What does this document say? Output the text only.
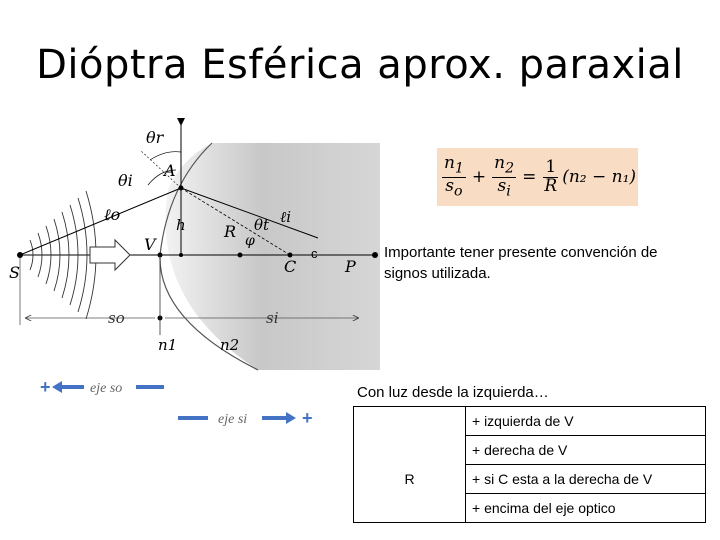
Dióptra Esférica aprox. paraxial
θr
θi
A
ℓo
h R θt
φ
ℓi
V	c
C	P
S
so	si
n1	n2
+	eje so
eje si	+
$\frac{n_1}{s_o} + \frac{n_2}{s_i} = \frac{1}{R} (n_2 - n_1)$
Importante tener presente convención de signos utilizada.
Con luz desde la izquierda…
	+ izquierda de V
	+ derecha de V
R	+ si C esta a la derecha de V
	+ encima del eje optico
